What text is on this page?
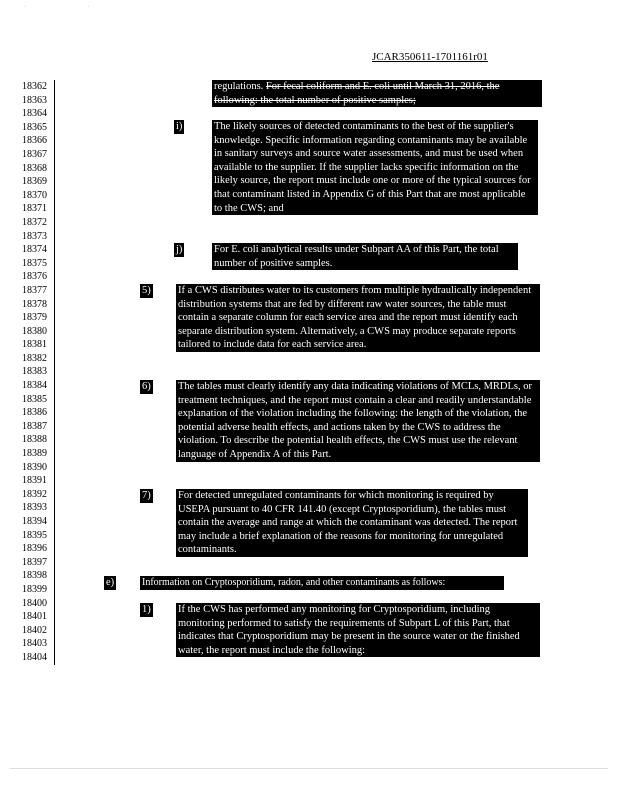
· ·
JCAR350611-1701161r01
18362
18363
18364
18365
18366
18367
18368
18369
18370
18371
18372
18373
18374
18375
18376
18377
18378
18379
18380
18381
18382
18383
18384
18385
18386
18387
18388
18389
18390
18391
18392
18393
18394
18395
18396
18397
18398
18399
18400
18401
18402
18403
18404
regulations. For fecal coliform and E. coli until March 31, 2016, the following: the total number of positive samples;
i)	The likely sources of detected contaminants to the best of the supplier's knowledge. Specific information regarding contaminants may be available in sanitary surveys and source water assessments, and must be used when available to the supplier. If the supplier lacks specific information on the likely source, the report must include one or more of the typical sources for that contaminant listed in Appendix G of this Part that are most applicable to the CWS; and
j)	For E. coli analytical results under Subpart AA of this Part, the total number of positive samples.
5)	If a CWS distributes water to its customers from multiple hydraulically independent distribution systems that are fed by different raw water sources, the table must contain a separate column for each service area and the report must identify each separate distribution system. Alternatively, a CWS may produce separate reports tailored to include data for each service area.
6)	The tables must clearly identify any data indicating violations of MCLs, MRDLs, or treatment techniques, and the report must contain a clear and readily understandable explanation of the violation including the following: the length of the violation, the potential adverse health effects, and actions taken by the CWS to address the violation. To describe the potential health effects, the CWS must use the relevant language of Appendix A of this Part.
7)	For detected unregulated contaminants for which monitoring is required by USEPA pursuant to 40 CFR 141.40 (except Cryptosporidium), the tables must contain the average and range at which the contaminant was detected. The report may include a brief explanation of the reasons for monitoring for unregulated contaminants.
e)	Information on Cryptosporidium, radon, and other contaminants as follows:
1)	If the CWS has performed any monitoring for Cryptosporidium, including monitoring performed to satisfy the requirements of Subpart L of this Part, that indicates that Cryptosporidium may be present in the source water or the finished water, the report must include the following:
